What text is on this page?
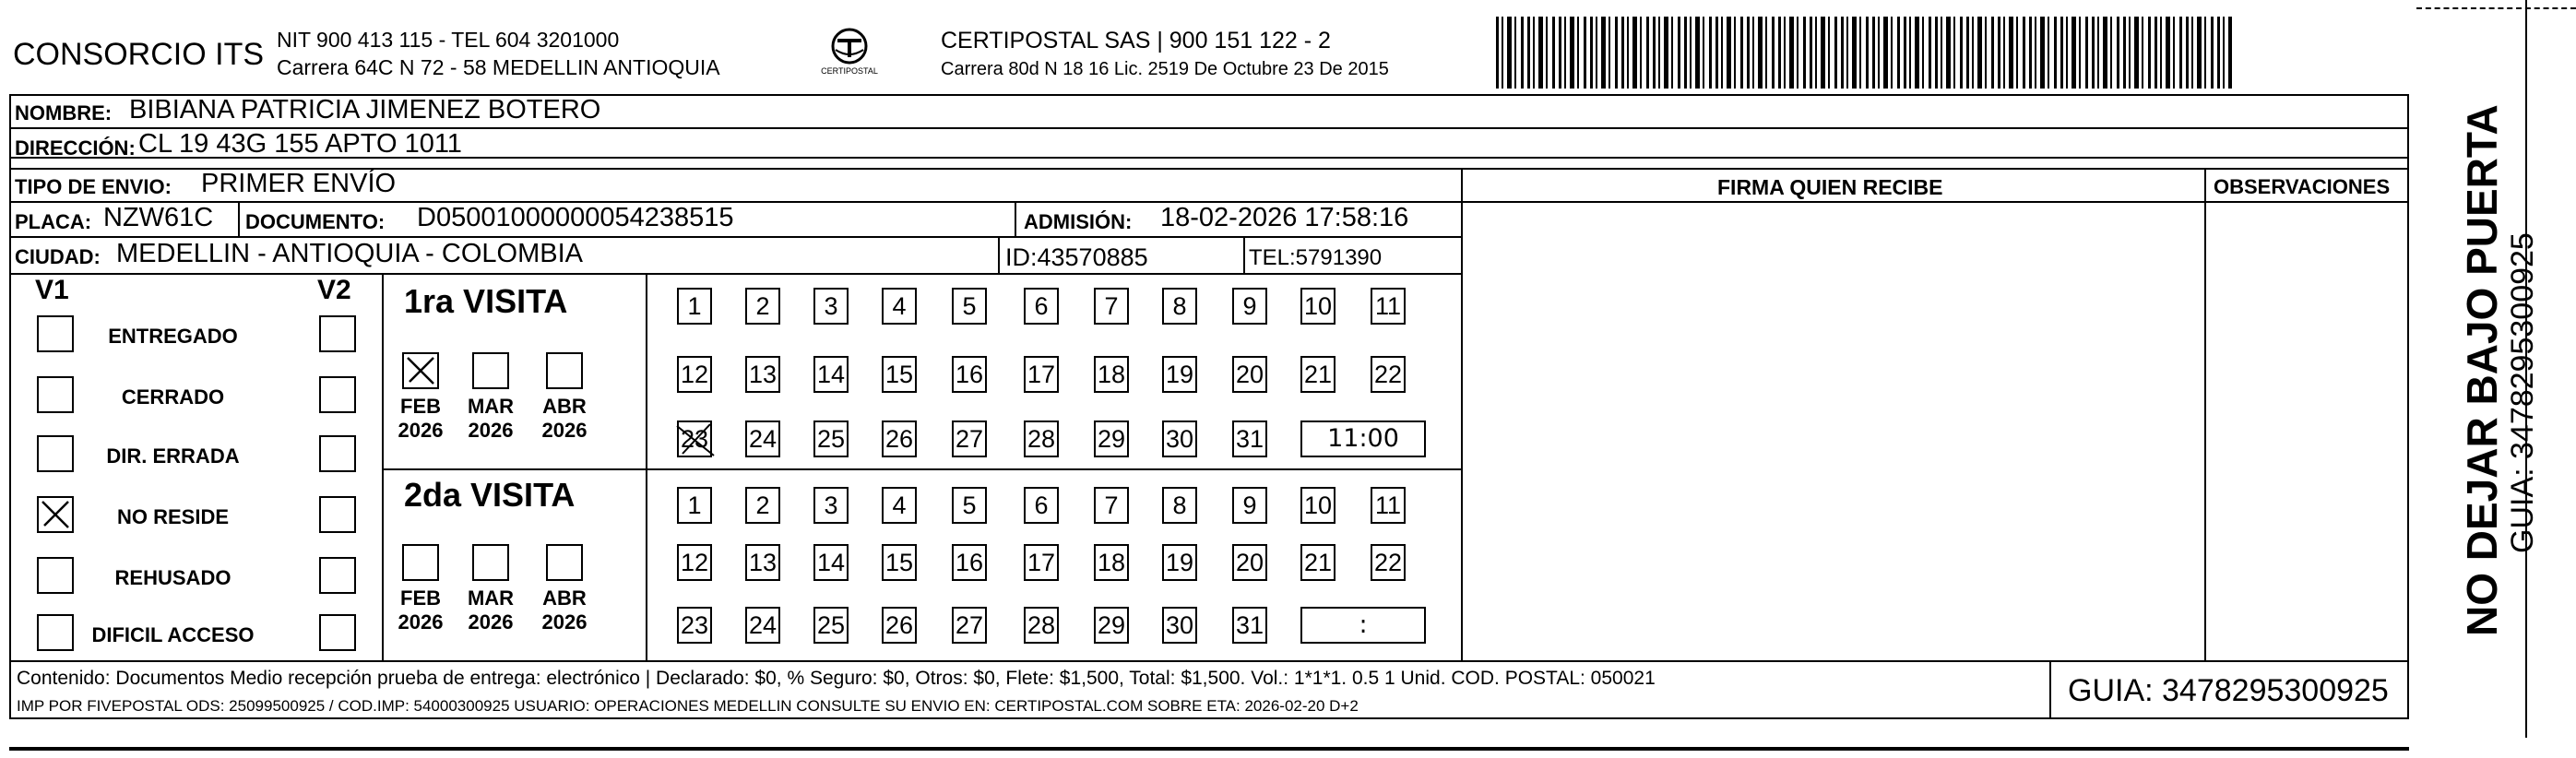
CONSORCIO ITS NIT 900 413 115 - TEL 604 3201000
Carrera 64C N 72 - 58 MEDELLIN ANTIOQUIA	CERTIPOSTAL
CERTIPOSTAL SAS | 900 151 122 - 2
Carrera 80d N 18 16 Lic. 2519 De Octubre 23 De 2015
NOMBRE: BIBIANA PATRICIA JIMENEZ BOTERO
DIRECCIÓN: CL 19 43G 155 APTO 1011
TIPO DE ENVIO: PRIMER ENVÍO
PLACA: NZW61C DOCUMENTO: D05001000000054238515	ADMISIÓN: 18-02-2026 17:58:16
CIUDAD: MEDELLIN - ANTIOQUIA - COLOMBIA	ID:43570885	TEL:5791390
FIRMA QUIEN RECIBE	OBSERVACIONES
V1	V2
ENTREGADO
CERRADO
DIR. ERRADA
NO RESIDE
REHUSADO
DIFICIL ACCESO
1ra VISITA
2da VISITA
FEB
2026
MAR
2026
ABR
2026
FEB
2026
MAR
2026
ABR
2026
1	2	3	4	5	6	7	8	9	10 11
12 13 14 15 16 17 18 19 20 21 22
23 24 25 26 27 28 29 30 31	11:00
1	2	3	4	5	6	7	8	9	10 11
12 13 14 15 16 17 18 19 20 21 22
23 24 25 26 27 28 29 30 31	:	NO DEJAR BAJO PUERTA GUIA: 3478295300925
Contenido: Documentos Medio recepción prueba de entrega: electrónico | Declarado: $0, % Seguro: $0, Otros: $0, Flete: $1,500, Total: $1,500. Vol.: 1*1*1. 0.5 1 Unid. COD. POSTAL: 050021
IMP POR FIVEPOSTAL ODS: 25099500925 / COD.IMP: 54000300925 USUARIO: OPERACIONES MEDELLIN CONSULTE SU ENVIO EN: CERTIPOSTAL.COM SOBRE ETA: 2026-02-20 D+2	GUIA: 3478295300925
